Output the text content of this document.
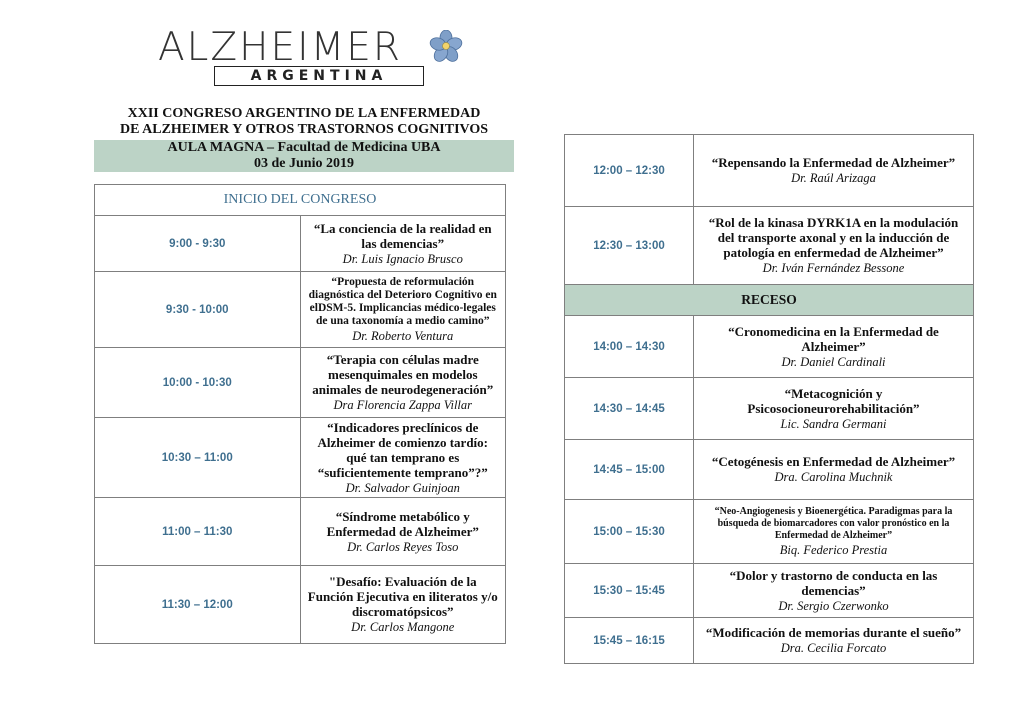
ALZHEIMER
ARGENTINA
XXII CONGRESO ARGENTINO DE LA ENFERMEDAD
DE ALZHEIMER Y OTROS TRASTORNOS COGNITIVOS
AULA MAGNA – Facultad de Medicina UBA
03 de Junio 2019
INICIO DEL CONGRESO	
9:00 - 9:30	“La conciencia de la realidad en las demencias”
Dr. Luis Ignacio Brusco

9:30 - 10:00	“Propuesta de reformulación diagnóstica del Deterioro Cognitivo en elDSM-5. Implicancias médico-legales de una taxonomía a medio camino”
Dr. Roberto Ventura

10:00 - 10:30	“Terapia con células madre mesenquimales en modelos animales de neurodegeneración”
Dra Florencia Zappa Villar

10:30 – 11:00	“Indicadores preclínicos de Alzheimer de comienzo tardío: qué tan temprano es “suficientemente temprano”?”
Dr. Salvador Guinjoan

11:00 – 11:30	“Síndrome metabólico y Enfermedad de Alzheimer”
Dr. Carlos Reyes Toso

11:30 – 12:00	"Desafío: Evaluación de la Función Ejecutiva en iliteratos y/o discromatópsicos”
Dr. Carlos Mangone
12:00 – 12:30	“Repensando la Enfermedad de Alzheimer”
Dr. Raúl Arizaga

12:30 – 13:00	“Rol de la kinasa DYRK1A en la modulación del transporte axonal y en la inducción de patología en enfermedad de Alzheimer”
Dr. Iván Fernández Bessone

RECESO	
14:00 – 14:30	“Cronomedicina en la Enfermedad de Alzheimer”
Dr. Daniel Cardinali

14:30 – 14:45	“Metacognición y Psicosocioneurorehabilitación”
Lic. Sandra Germani

14:45 – 15:00	“Cetogénesis en Enfermedad de Alzheimer”
Dra. Carolina Muchnik

15:00 – 15:30	“Neo-Angiogenesis y Bioenergética. Paradigmas para la búsqueda de biomarcadores con valor pronóstico en la Enfermedad de Alzheimer”
Biq. Federico Prestia

15:30 – 15:45	“Dolor y trastorno de conducta en las demencias”
Dr. Sergio Czerwonko

15:45 – 16:15	“Modificación de memorias durante el sueño”
Dra. Cecilia Forcato
